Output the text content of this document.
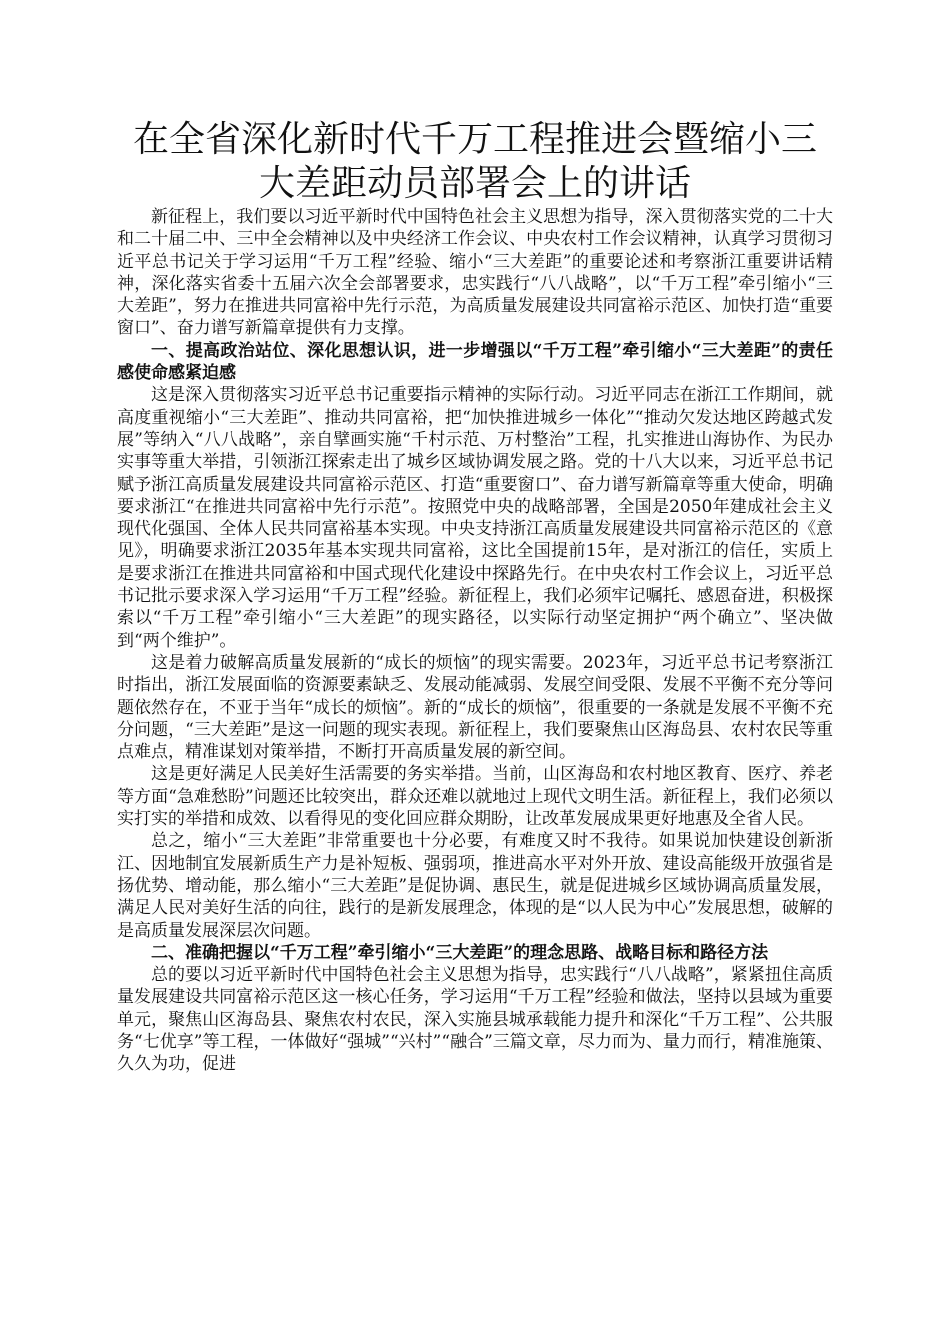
在全省深化新时代千万工程推进会暨缩小三大差距动员部署会上的讲话

新征程上，我们要以习近平新时代中国特色社会主义思想为指导，深入贯彻落实党的二十大和二十届二中、三中全会精神以及中央经济工作会议、中央农村工作会议精神，认真学习贯彻习近平总书记关于学习运用“千万工程”经验、缩小“三大差距”的重要论述和考察浙江重要讲话精神，深化落实省委十五届六次全会部署要求，忠实践行“八八战略”，以“千万工程”牵引缩小“三大差距”，努力在推进共同富裕中先行示范，为高质量发展建设共同富裕示范区、加快打造“重要窗口”、奋力谱写新篇章提供有力支撑。

一、提高政治站位、深化思想认识，进一步增强以“千万工程”牵引缩小“三大差距”的责任感使命感紧迫感

这是深入贯彻落实习近平总书记重要指示精神的实际行动。习近平同志在浙江工作期间，就高度重视缩小“三大差距”、推动共同富裕，把“加快推进城乡一体化”“推动欠发达地区跨越式发展”等纳入“八八战略”，亲自擘画实施“千村示范、万村整治”工程，扎实推进山海协作、为民办实事等重大举措，引领浙江探索走出了城乡区域协调发展之路。党的十八大以来，习近平总书记赋予浙江高质量发展建设共同富裕示范区、打造“重要窗口”、奋力谱写新篇章等重大使命，明确要求浙江“在推进共同富裕中先行示范”。按照党中央的战略部署，全国是2050年建成社会主义现代化强国、全体人民共同富裕基本实现。中央支持浙江高质量发展建设共同富裕示范区的《意见》，明确要求浙江2035年基本实现共同富裕，这比全国提前15年，是对浙江的信任，实质上是要求浙江在推进共同富裕和中国式现代化建设中探路先行。在中央农村工作会议上，习近平总书记批示要求深入学习运用“千万工程”经验。新征程上，我们必须牢记嘱托、感恩奋进，积极探索以“千万工程”牵引缩小“三大差距”的现实路径，以实际行动坚定拥护“两个确立”、坚决做到“两个维护”。

这是着力破解高质量发展新的“成长的烦恼”的现实需要。2023年，习近平总书记考察浙江时指出，浙江发展面临的资源要素缺乏、发展动能减弱、发展空间受限、发展不平衡不充分等问题依然存在，不亚于当年“成长的烦恼”。新的“成长的烦恼”，很重要的一条就是发展不平衡不充分问题，“三大差距”是这一问题的现实表现。新征程上，我们要聚焦山区海岛县、农村农民等重点难点，精准谋划对策举措，不断打开高质量发展的新空间。

这是更好满足人民美好生活需要的务实举措。当前，山区海岛和农村地区教育、医疗、养老等方面“急难愁盼”问题还比较突出，群众还难以就地过上现代文明生活。新征程上，我们必须以实打实的举措和成效、以看得见的变化回应群众期盼，让改革发展成果更好地惠及全省人民。

总之，缩小“三大差距”非常重要也十分必要，有难度又时不我待。如果说加快建设创新浙江、因地制宜发展新质生产力是补短板、强弱项，推进高水平对外开放、建设高能级开放强省是扬优势、增动能，那么缩小“三大差距”是促协调、惠民生，就是促进城乡区域协调高质量发展，满足人民对美好生活的向往，践行的是新发展理念，体现的是“以人民为中心”发展思想，破解的是高质量发展深层次问题。

二、准确把握以“千万工程”牵引缩小“三大差距”的理念思路、战略目标和路径方法

总的要以习近平新时代中国特色社会主义思想为指导，忠实践行“八八战略”，紧紧扭住高质量发展建设共同富裕示范区这一核心任务，学习运用“千万工程”经验和做法，坚持以县域为重要单元，聚焦山区海岛县、聚焦农村农民，深入实施县城承载能力提升和深化“千万工程”、公共服务“七优享”等工程，一体做好“强城”“兴村”“融合”三篇文章，尽力而为、量力而行，精准施策、久久为功，促进
